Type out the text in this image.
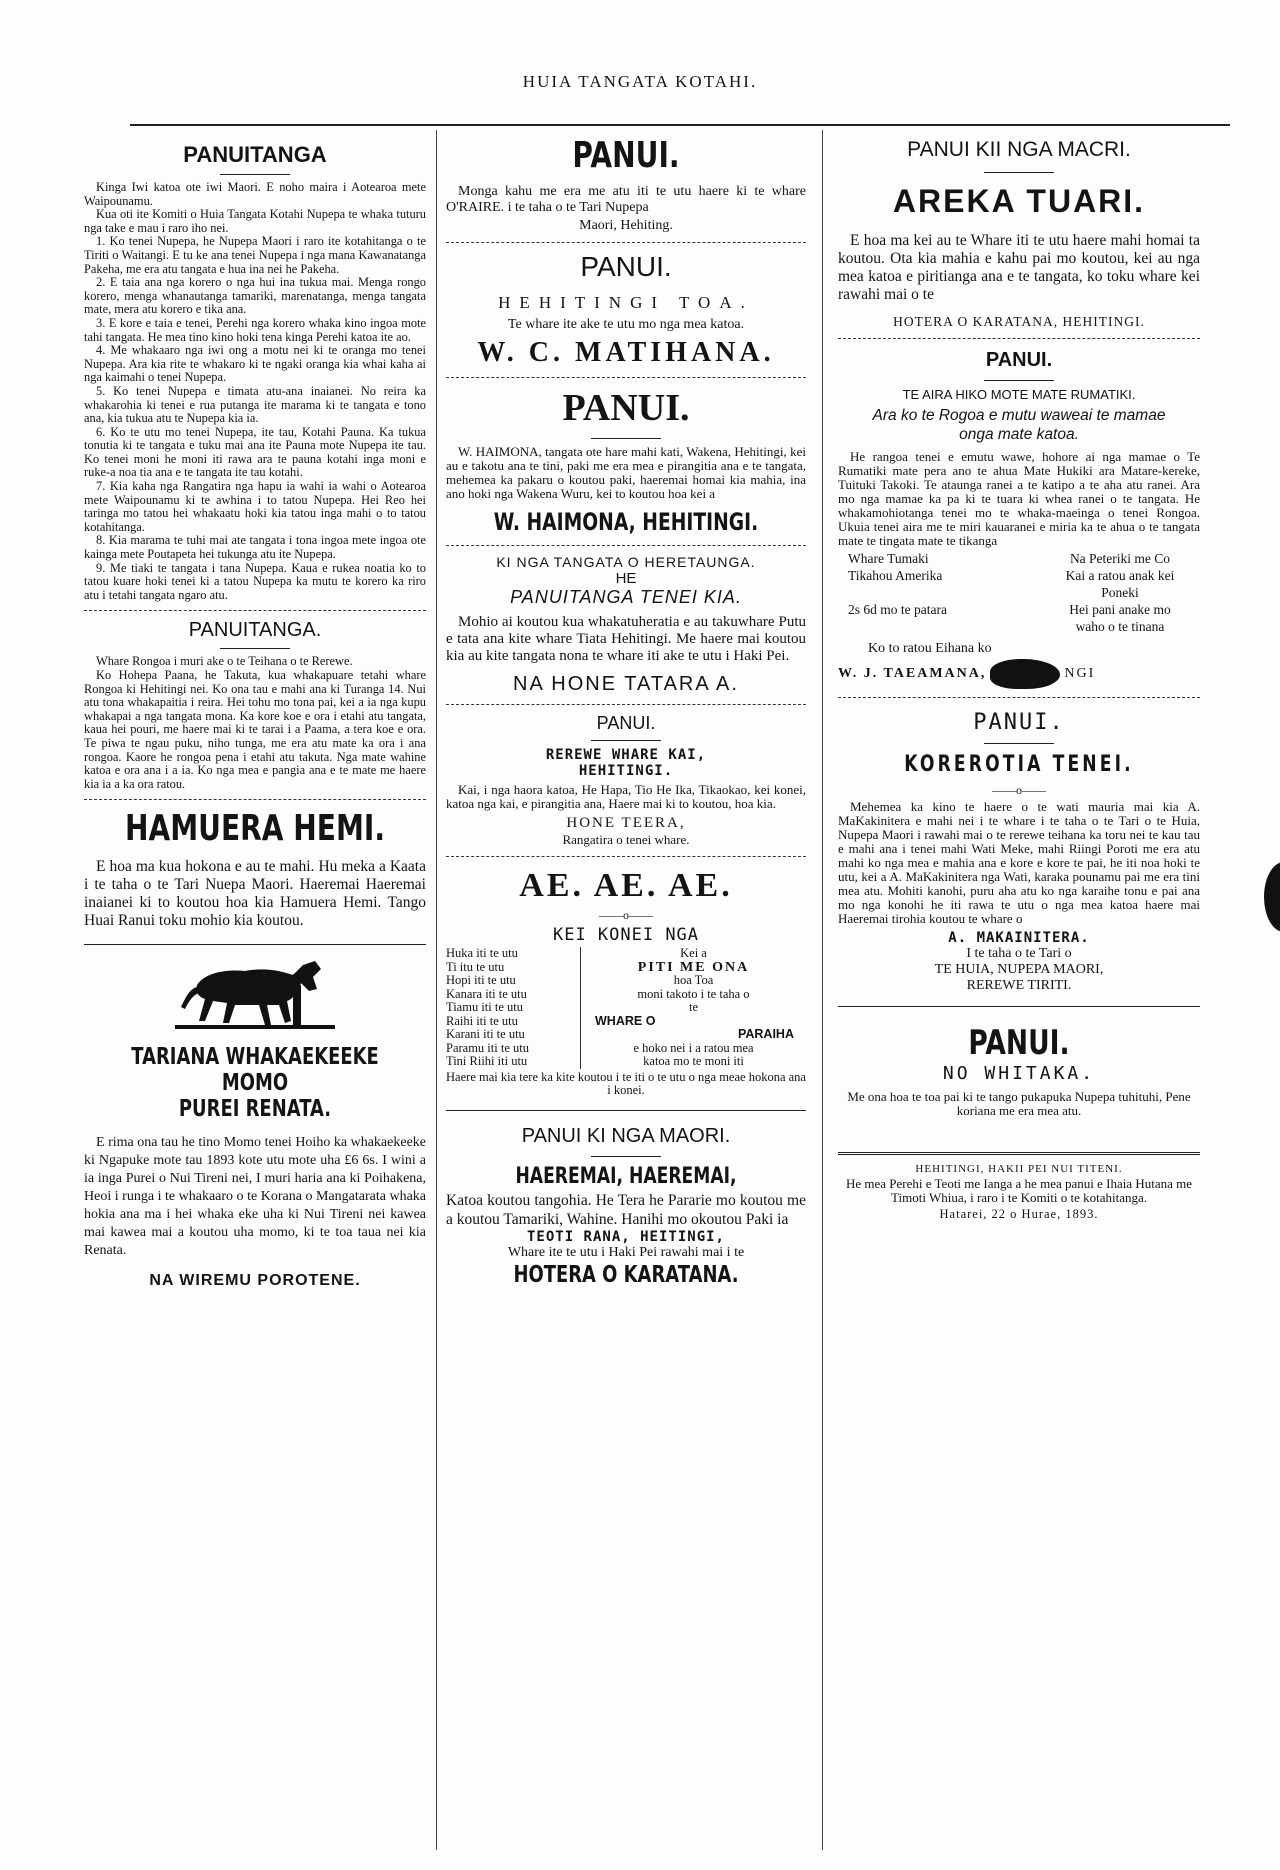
HUIA TANGATA KOTAHI.
PANUITANGA

Kinga Iwi katoa ote iwi Maori. E noho maira i Aotearoa mete Waipounamu.

Kua oti ite Komiti o Huia Tangata Kotahi Nupepa te whaka tuturu nga take e mau i raro iho nei.

1. Ko tenei Nupepa, he Nupepa Maori i raro ite kotahitanga o te Tiriti o Waitangi. E tu ke ana tenei Nupepa i nga mana Kawanatanga Pakeha, me era atu tangata e hua ina nei he Pakeha.

2. E taia ana nga korero o nga hui ina tukua mai. Menga rongo korero, menga whanautanga tamariki, marenatanga, menga tangata mate, mera atu korero e tika ana.

3. E kore e taia e tenei, Perehi nga korero whaka kino ingoa mote tahi tangata. He mea tino kino hoki tena kinga Perehi katoa ite ao.

4. Me whakaaro nga iwi ong a motu nei ki te oranga mo tenei Nupepa. Ara kia rite te whakaro ki te ngaki oranga kia whai kaha ai nga kaimahi o tenei Nupepa.

5. Ko tenei Nupepa e timata atu-ana inaianei. No reira ka whakarohia ki tenei e rua putanga ite marama ki te tangata e tono ana, kia tukua atu te Nupepa kia ia.

6. Ko te utu mo tenei Nupepa, ite tau, Kotahi Pauna. Ka tukua tonutia ki te tangata e tuku mai ana ite Pauna mote Nupepa ite tau. Ko tenei moni he moni iti rawa ara te pauna kotahi inga moni e ruke-a noa tia ana e te tangata ite tau kotahi.

7. Kia kaha nga Rangatira nga hapu ia wahi ia wahi o Aotearoa mete Waipounamu ki te awhina i to tatou Nupepa. Hei Reo hei taringa mo tatou hei whakaatu hoki kia tatou inga mahi o to tatou kotahitanga.

8. Kia marama te tuhi mai ate tangata i tona ingoa mete ingoa ote kainga mete Poutapeta hei tukunga atu ite Nupepa.

9. Me tiaki te tangata i tana Nupepa. Kaua e rukea noatia ko to tatou kuare hoki tenei ki a tatou Nupepa ka mutu te korero ka riro atu i tetahi tangata ngaro atu.

PANUITANGA.

Whare Rongoa i muri ake o te Teihana o te Rerewe.

Ko Hohepa Paana, he Takuta, kua whakapuare tetahi whare Rongoa ki Hehitingi nei. Ko ona tau e mahi ana ki Turanga 14. Nui atu tona whakapaitia i reira. Hei tohu mo tona pai, kei a ia nga kupu whakapai a nga tangata mona. Ka kore koe e ora i etahi atu tangata, kaua hei pouri, me haere mai ki te tarai i a Paama, a tera koe e ora. Te piwa te ngau puku, niho tunga, me era atu mate ka ora i ana rongoa. Kaore he rongoa pena i etahi atu takuta. Nga mate wahine katoa e ora ana i a ia. Ko nga mea e pangia ana e te mate me haere kia ia a ka ora ratou.

HAMUERA HEMI.

E hoa ma kua hokona e au te mahi. Hu meka a Kaata i te taha o te Tari Nuepa Maori. Haeremai Haeremai inaianei ki to koutou hoa kia Hamuera Hemi. Tango Huai Ranui toku mohio kia koutou.

TARIANA WHAKAEKEEKE MOMO
PUREI RENATA.

E rima ona tau he tino Momo tenei Hoiho ka whakaekeeke ki Ngapuke mote tau 1893 kote utu mote uha £6 6s. I wini a ia inga Purei o Nui Tireni nei, I muri haria ana ki Poihakena, Heoi i runga i te whakaaro o te Korana o Mangatarata whaka hokia ana ma i hei whaka eke uha ki Nui Tireni nei kawea mai kawea mai a koutou uha momo, ki te toa taua nei kia Renata.

NA WIREMU POROTENE.
PANUI.

Monga kahu me era me atu iti te utu haere ki te whare O'RAIRE. i te taha o te Tari Nupepa

Maori, Hehiting.
PANUI.
HEHITINGI TOA.
Te whare ite ake te utu mo nga mea katoa.
W. C. MATIHANA.
PANUI.

W. HAIMONA, tangata ote hare mahi kati, Wakena, Hehitingi, kei au e takotu ana te tini, paki me era mea e pirangitia ana e te tangata, mehemea ka pakaru o koutou paki, haeremai homai kia mahia, ina ano hoki nga Wakena Wuru, kei to koutou hoa kei a

W. HAIMONA, HEHITINGI.
KI NGA TANGATA O HERETAUNGA.
HE
PANUITANGA TENEI KIA.

Mohio ai koutou kua whakatuheratia e au takuwhare Putu e tata ana kite whare Tiata Hehitingi. Me haere mai koutou kia au kite tangata nona te whare iti ake te utu i Haki Pei.

NA HONE TATARA A.
PANUI.
REREWE WHARE KAI,
HEHITINGI.

Kai, i nga haora katoa, He Hapa, Tio He Ika, Tikaokao, kei konei, katoa nga kai, e pirangitia ana, Haere mai ki to koutou, hoa kia.

HONE TEERA,
Rangatira o tenei whare.
AE. AE. AE.
——o——
KEI KONEI NGA
Huka iti te utu
Ti itu te utu
Hopi iti te utu
Kanara iti te utu
Tiamu iti te utu
Raihi iti te utu
Karani iti te utu
Paramu iti te utu
Tini Riihi iti utu
Kei a
PITI ME ONA
hoa Toa
moni takoto i te taha o
te
WHARE O
PARAIHA
e hoko nei i a ratou mea
katoa mo te moni iti

Haere mai kia tere ka kite koutou i te iti o te utu o nga meae hokona ana i konei.

PANUI KI NGA MAORI.
HAEREMAI, HAEREMAI,

Katoa koutou tangohia. He Tera he Pararie mo koutou me a koutou Tamariki, Wahine. Hanihi mo okoutou Paki ia

TEOTI RANA, HEITINGI,
Whare ite te utu i Haki Pei rawahi mai i te
HOTERA O KARATANA.
PANUI KII NGA MACRI.
AREKA TUARI.

E hoa ma kei au te Whare iti te utu haere mahi homai ta koutou. Ota kia mahia e kahu pai mo koutou, kei au nga mea katoa e piritianga ana e te tangata, ko toku whare kei rawahi mai o te

HOTERA O KARATANA, HEHITINGI.
PANUI.
TE AIRA HIKO MOTE MATE RUMATIKI.
Ara ko te Rogoa e mutu waweai te mamae onga mate katoa.

He rangoa tenei e emutu wawe, hohore ai nga mamae o Te Rumatiki mate pera ano te ahua Mate Hukiki ara Matare-kereke, Tuituki Takoki. Te ataunga ranei a te katipo a te aha atu ranei. Ara mo nga mamae ka pa ki te tuara ki whea ranei o te tangata. He whakamohiotanga tenei mo te whaka-maeinga o tenei Rongoa. Ukuia tenei aira me te miri kauaranei e miria ka te ahua o te tangata mate te tingata mate te tikanga

Whare Tumaki	Na Peteriki me Co
Tikahou Amerika	Kai a ratou anak kei
Poneki
2s 6d mo te patara	Hei pani anake mo
waho o te tinana
Ko to ratou Eihana ko
W. J. TAEAMANA,	NGI
PANUI.
KOREROTIA TENEI.
——o——

Mehemea ka kino te haere o te wati mauria mai kia A. MaKakinitera e mahi nei i te whare i te taha o te Tari o te Huia, Nupepa Maori i rawahi mai o te rerewe teihana ka toru nei te kau tau e mahi ana i tenei mahi Wati Meke, mahi Riingi Poroti me era atu mahi ko nga mea e mahia ana e kore e kore te pai, he iti noa hoki te utu, kei a A. MaKakinitera nga Wati, karaka pounamu pai me era tini mea atu. Mohiti kanohi, puru aha atu ko nga karaihe tonu e pai ana mo nga konohi he iti rawa te utu o nga mea katoa haere mai Haeremai tirohia koutou te whare o

A. MAKAINITERA.
I te taha o te Tari o
TE HUIA, NUPEPA MAORI,
REREWE TIRITI.
PANUI.
NO WHITAKA.

Me ona hoa te toa pai ki te tango pukapuka Nupepa tuhituhi, Pene koriana me era mea atu.

HEHITINGI, HAKII PEI NUI TITENI.

He mea Perehi e Teoti me Ianga a he mea panui e Ihaia Hutana me Timoti Whiua, i raro i te Komiti o te kotahitanga.

Hatarei, 22 o Hurae, 1893.
